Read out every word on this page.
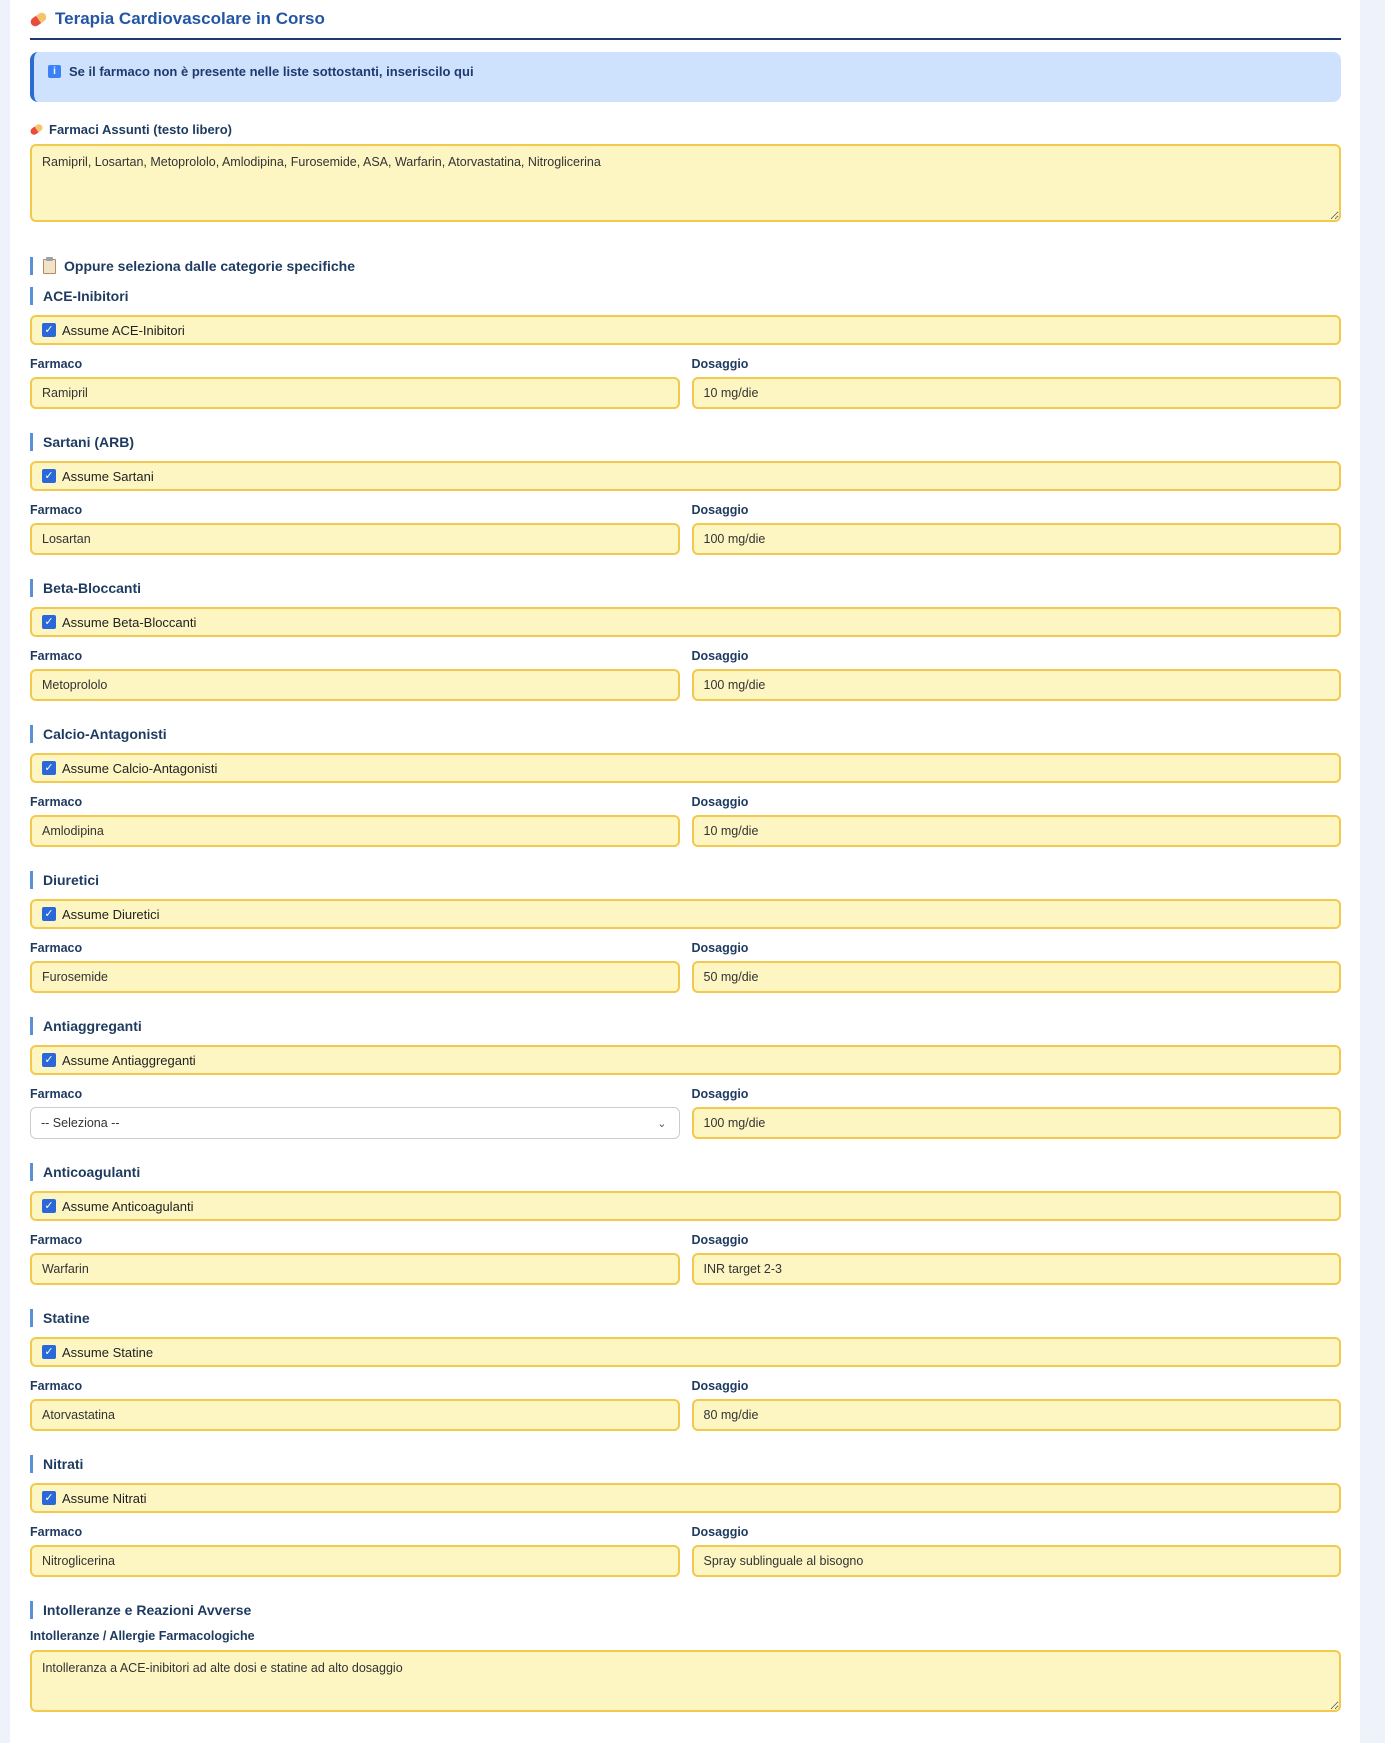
Terapia Cardiovascolare in Corso
i	Se il farmaco non è presente nelle liste sottostanti, inseriscilo qui
Farmaci Assunti (testo libero)
Ramipril, Losartan, Metoprololo, Amlodipina, Furosemide, ASA, Warfarin, Atorvastatina, Nitroglicerina
Oppure seleziona dalle categorie specifiche
ACE-Inibitori
✓ Assume ACE-Inibitori
Farmaco
Ramipril
Dosaggio
10 mg/die
Sartani (ARB)
✓ Assume Sartani
Farmaco
Losartan
Dosaggio
100 mg/die
Beta-Bloccanti
✓ Assume Beta-Bloccanti
Farmaco
Metoprololo
Dosaggio
100 mg/die
Calcio-Antagonisti
✓ Assume Calcio-Antagonisti
Farmaco
Amlodipina
Dosaggio
10 mg/die
Diuretici
✓ Assume Diuretici
Farmaco
Furosemide
Dosaggio
50 mg/die
Antiaggreganti
✓ Assume Antiaggreganti
Farmaco
-- Seleziona --	⌄
Dosaggio
100 mg/die
Anticoagulanti
✓ Assume Anticoagulanti
Farmaco
Warfarin
Dosaggio
INR target 2-3
Statine
✓ Assume Statine
Farmaco
Atorvastatina
Dosaggio
80 mg/die
Nitrati
✓ Assume Nitrati
Farmaco
Nitroglicerina
Dosaggio
Spray sublinguale al bisogno
Intolleranze e Reazioni Avverse
Intolleranze / Allergie Farmacologiche
Intolleranza a ACE-inibitori ad alte dosi e statine ad alto dosaggio
